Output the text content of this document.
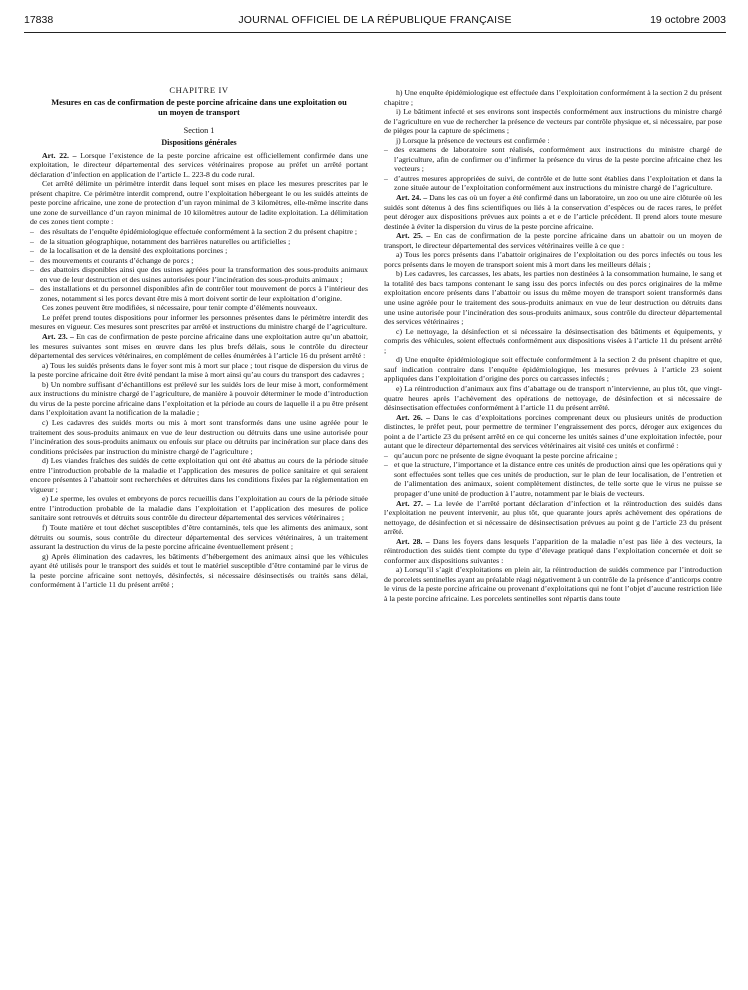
17838	JOURNAL OFFICIEL DE LA RÉPUBLIQUE FRANÇAISE	19 octobre 2003
CHAPITRE IV
Mesures en cas de confirmation de peste porcine africaine dans une exploitation ou un moyen de transport
Section 1
Dispositions générales

Art. 22. – Lorsque l’existence de la peste porcine africaine est officiellement confirmée dans une exploitation, le directeur départemental des services vétérinaires propose au préfet un arrêté portant déclaration d’infection en application de l’article L. 223-8 du code rural.

Cet arrêté délimite un périmètre interdit dans lequel sont mises en place les mesures prescrites par le présent chapitre. Ce périmètre interdit comprend, outre l’exploitation hébergeant le ou les suidés atteints de peste porcine africaine, une zone de protection d’un rayon minimal de 3 kilomètres, elle-même inscrite dans une zone de surveillance d’un rayon minimal de 10 kilomètres autour de ladite exploitation. La délimitation de ces zones tient compte :

– des résultats de l’enquête épidémiologique effectuée conformément à la section 2 du présent chapitre ;

– de la situation géographique, notamment des barrières naturelles ou artificielles ;

– de la localisation et de la densité des exploitations porcines ;

– des mouvements et courants d’échange de porcs ;

– des abattoirs disponibles ainsi que des usines agréées pour la transformation des sous-produits animaux en vue de leur destruction et des usines autorisées pour l’incinération des sous-produits animaux ;

– des installations et du personnel disponibles afin de contrôler tout mouvement de porcs à l’intérieur des zones, notamment si les porcs devant être mis à mort doivent sortir de leur exploitation d’origine.

Ces zones peuvent être modifiées, si nécessaire, pour tenir compte d’éléments nouveaux.

Le préfet prend toutes dispositions pour informer les personnes présentes dans le périmètre interdit des mesures en vigueur. Ces mesures sont prescrites par arrêté et instructions du ministre chargé de l’agriculture.

Art. 23. – En cas de confirmation de peste porcine africaine dans une exploitation autre qu’un abattoir, les mesures suivantes sont mises en œuvre dans les plus brefs délais, sous le contrôle du directeur départemental des services vétérinaires, en complément de celles énumérées à l’article 16 du présent arrêté :

a) Tous les suidés présents dans le foyer sont mis à mort sur place ; tout risque de dispersion du virus de la peste porcine africaine doit être évité pendant la mise à mort ainsi qu’au cours du transport des cadavres ;

b) Un nombre suffisant d’échantillons est prélevé sur les suidés lors de leur mise à mort, conformément aux instructions du ministre chargé de l’agriculture, de manière à pouvoir déterminer le mode d’introduction du virus de la peste porcine africaine dans l’exploitation et la période au cours de laquelle il a pu être présent dans l’exploitation avant la notification de la maladie ;

c) Les cadavres des suidés morts ou mis à mort sont transformés dans une usine agréée pour le traitement des sous-produits animaux en vue de leur destruction ou détruits dans une usine autorisée pour l’incinération des sous-produits animaux ou enfouis sur place ou détruits par incinération sur place dans des conditions précisées par instruction du ministre chargé de l’agriculture ;

d) Les viandes fraîches des suidés de cette exploitation qui ont été abattus au cours de la période située entre l’introduction probable de la maladie et l’application des mesures de police sanitaire et qui seraient encore présentes à l’abattoir sont recherchées et détruites dans les conditions fixées par la réglementation en vigueur ;

e) Le sperme, les ovules et embryons de porcs recueillis dans l’exploitation au cours de la période située entre l’introduction probable de la maladie dans l’exploitation et l’application des mesures de police sanitaire sont retrouvés et détruits sous contrôle du directeur départemental des services vétérinaires ;

f) Toute matière et tout déchet susceptibles d’être contaminés, tels que les aliments des animaux, sont détruits ou soumis, sous contrôle du directeur départemental des services vétérinaires, à un traitement assurant la destruction du virus de la peste porcine africaine éventuellement présent ;

g) Après élimination des cadavres, les bâtiments d’hébergement des animaux ainsi que les véhicules ayant été utilisés pour le transport des suidés et tout le matériel susceptible d’être contaminé par le virus de la peste porcine africaine sont nettoyés, désinfectés, si nécessaire désinsectisés ou traités sans délai, conformément à l’article 11 du présent arrêté ;

h) Une enquête épidémiologique est effectuée dans l’exploitation conformément à la section 2 du présent chapitre ;

i) Le bâtiment infecté et ses environs sont inspectés conformément aux instructions du ministre chargé de l’agriculture en vue de rechercher la présence de vecteurs par contrôle physique et, si nécessaire, par pose de pièges pour la capture de spécimens ;

j) Lorsque la présence de vecteurs est confirmée :

– des examens de laboratoire sont réalisés, conformément aux instructions du ministre chargé de l’agriculture, afin de confirmer ou d’infirmer la présence du virus de la peste porcine africaine chez les vecteurs ;

– d’autres mesures appropriées de suivi, de contrôle et de lutte sont établies dans l’exploitation et dans la zone située autour de l’exploitation conformément aux instructions du ministre chargé de l’agriculture.

Art. 24. – Dans les cas où un foyer a été confirmé dans un laboratoire, un zoo ou une aire clôturée où les suidés sont détenus à des fins scientifiques ou liés à la conservation d’espèces ou de races rares, le préfet peut déroger aux dispositions prévues aux points a et e de l’article précédent. Il prend alors toute mesure destinée à éviter la dispersion du virus de la peste porcine africaine.

Art. 25. – En cas de confirmation de la peste porcine africaine dans un abattoir ou un moyen de transport, le directeur départemental des services vétérinaires veille à ce que :

a) Tous les porcs présents dans l’abattoir originaires de l’exploitation ou des porcs infectés ou tous les porcs présents dans le moyen de transport soient mis à mort dans les meilleurs délais ;

b) Les cadavres, les carcasses, les abats, les parties non destinées à la consommation humaine, le sang et la totalité des bacs tampons contenant le sang issu des porcs infectés ou des porcs originaires de la même exploitation encore présents dans l’abattoir ou issus du même moyen de transport soient transformés dans une usine agréée pour le traitement des sous-produits animaux en vue de leur destruction ou détruits dans une usine autorisée pour l’incinération des sous-produits animaux, sous contrôle du directeur départemental des services vétérinaires ;

c) Le nettoyage, la désinfection et si nécessaire la désinsectisation des bâtiments et équipements, y compris des véhicules, soient effectués conformément aux dispositions visées à l’article 11 du présent arrêté ;

d) Une enquête épidémiologique soit effectuée conformément à la section 2 du présent chapitre et que, sauf indication contraire dans l’enquête épidémiologique, les mesures prévues à l’article 23 soient appliquées dans l’exploitation d’origine des porcs ou carcasses infectés ;

e) La réintroduction d’animaux aux fins d’abattage ou de transport n’intervienne, au plus tôt, que vingt-quatre heures après l’achèvement des opérations de nettoyage, de désinfection et si nécessaire de désinsectisation effectuées conformément à l’article 11 du présent arrêté.

Art. 26. – Dans le cas d’exploitations porcines comprenant deux ou plusieurs unités de production distinctes, le préfet peut, pour permettre de terminer l’engraissement des porcs, déroger aux exigences du point a de l’article 23 du présent arrêté en ce qui concerne les unités saines d’une exploitation infectée, pour autant que le directeur départemental des services vétérinaires ait visité ces unités et confirmé :

– qu’aucun porc ne présente de signe évoquant la peste porcine africaine ;

– et que la structure, l’importance et la distance entre ces unités de production ainsi que les opérations qui y sont effectuées sont telles que ces unités de production, sur le plan de leur localisation, de l’entretien et de l’alimentation des animaux, soient complètement distinctes, de telle sorte que le virus ne puisse se propager d’une unité de production à l’autre, notamment par le biais de vecteurs.

Art. 27. – La levée de l’arrêté portant déclaration d’infection et la réintroduction des suidés dans l’exploitation ne peuvent intervenir, au plus tôt, que quarante jours après achèvement des opérations de nettoyage, de désinfection et si nécessaire de désinsectisation prévues au point g de l’article 23 du présent arrêté.

Art. 28. – Dans les foyers dans lesquels l’apparition de la maladie n’est pas liée à des vecteurs, la réintroduction des suidés tient compte du type d’élevage pratiqué dans l’exploitation concernée et doit se conformer aux dispositions suivantes :

a) Lorsqu’il s’agit d’exploitations en plein air, la réintroduction de suidés commence par l’introduction de porcelets sentinelles ayant au préalable réagi négativement à un contrôle de la présence d’anticorps contre le virus de la peste porcine africaine ou provenant d’exploitations qui ne font l’objet d’aucune restriction liée à la peste porcine africaine. Les porcelets sentinelles sont répartis dans toute
